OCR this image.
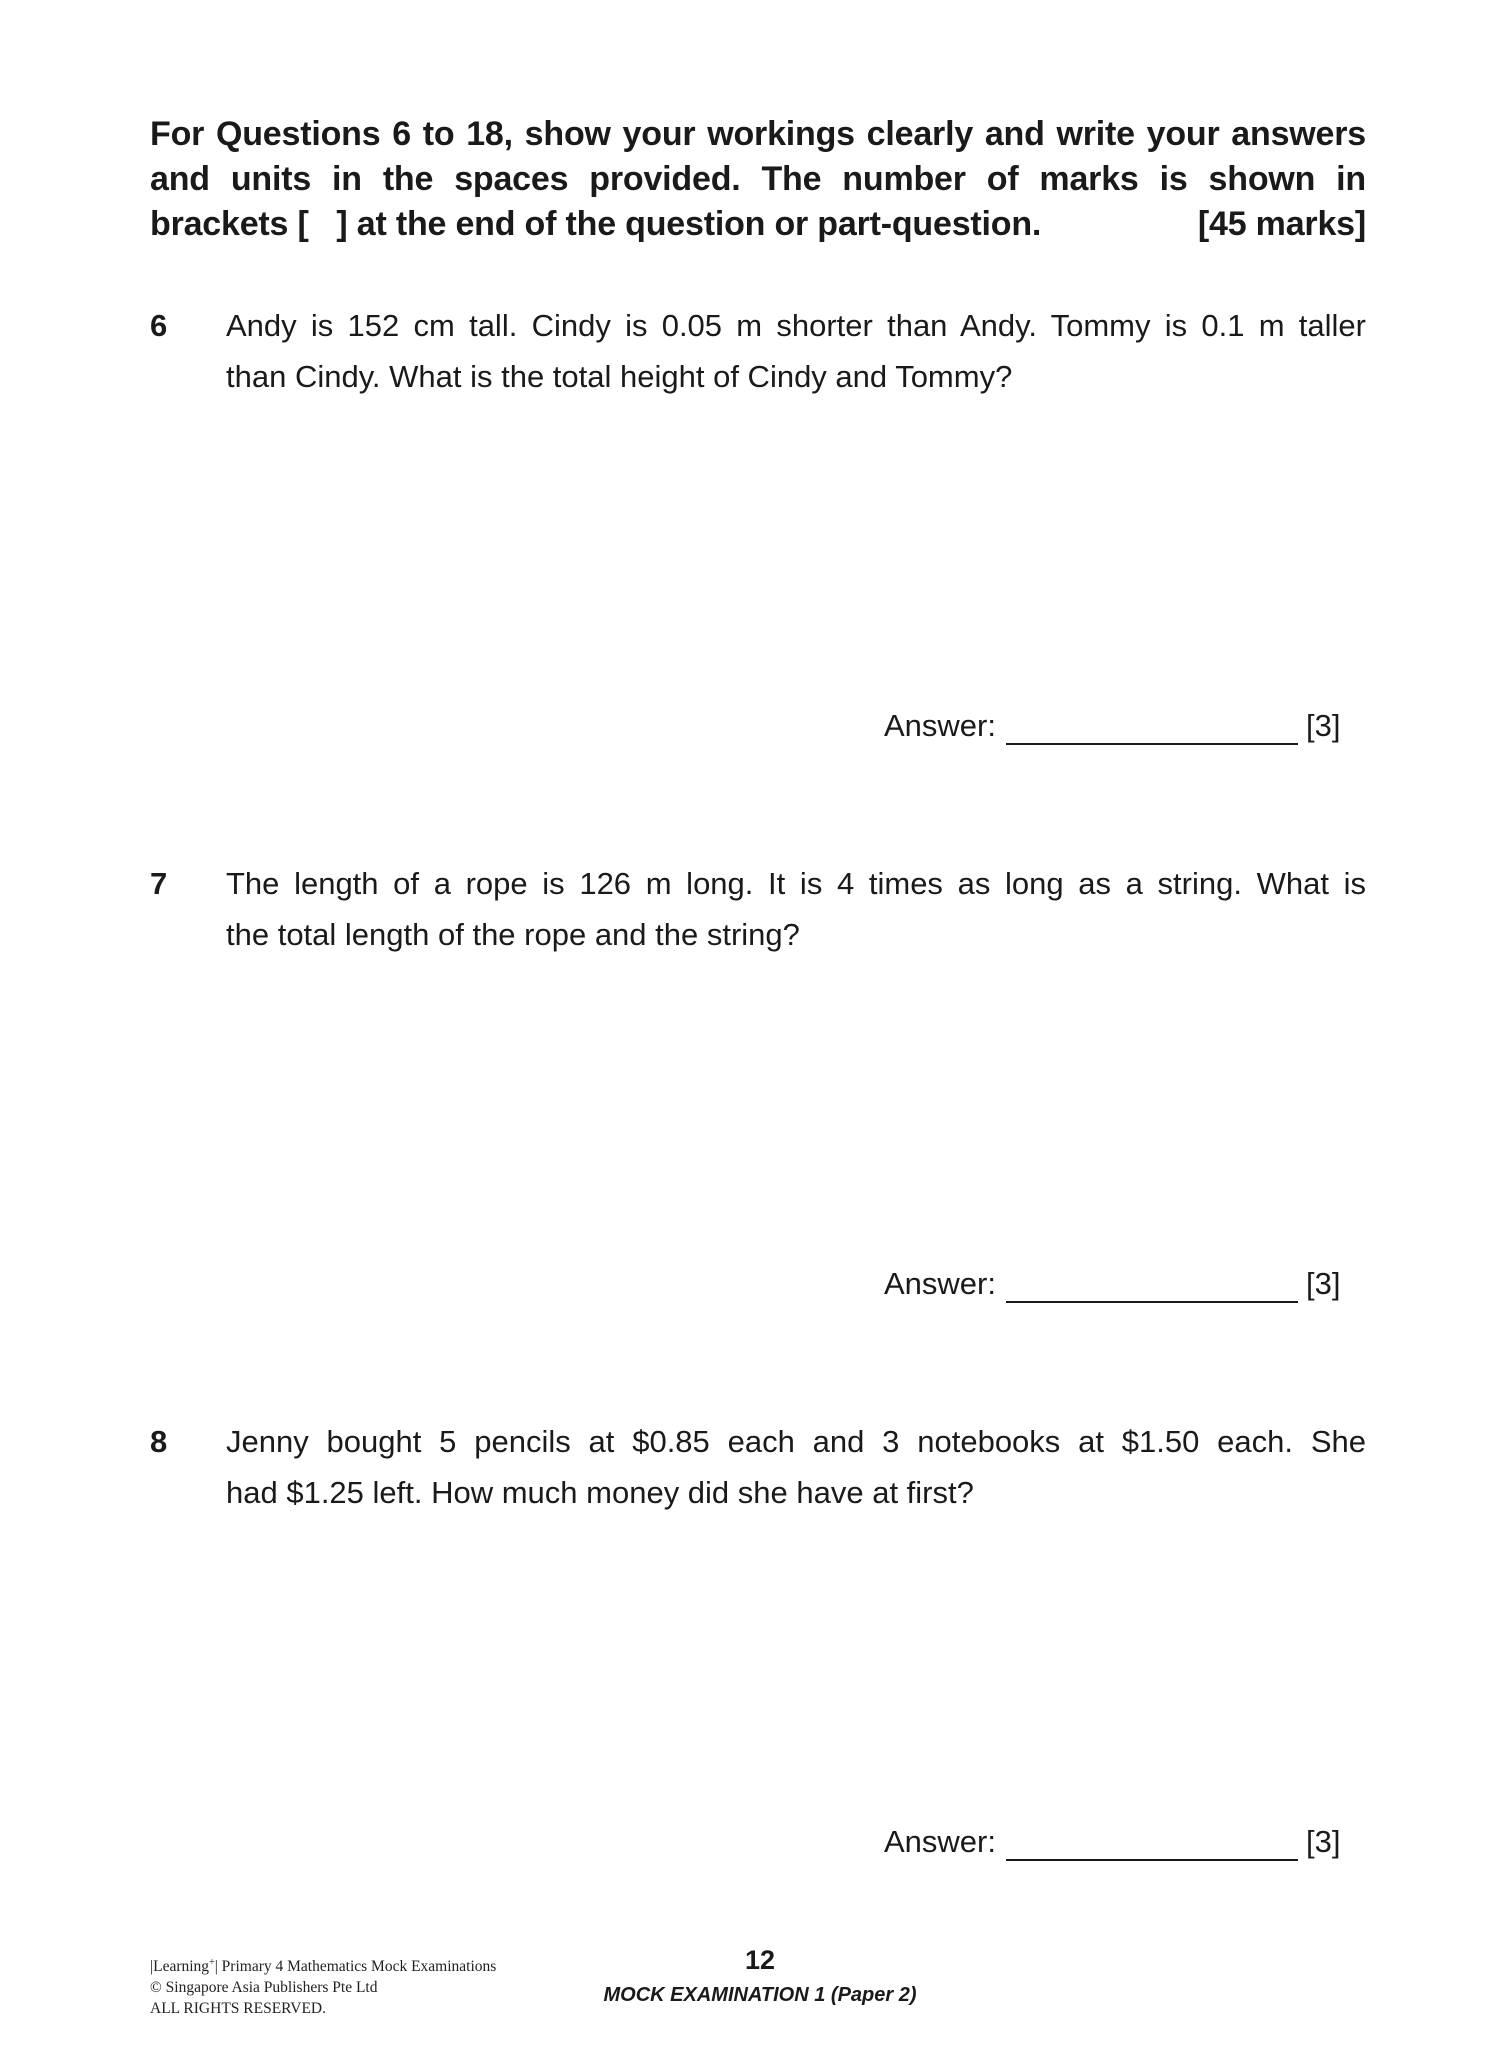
For Questions 6 to 18, show your workings clearly and write your answers
and units in the spaces provided. The number of marks is shown in
brackets [   ] at the end of the question or part-question.	[45 marks]
6 Andy is 152 cm tall. Cindy is 0.05 m shorter than Andy. Tommy is 0.1 m taller
than Cindy. What is the total height of Cindy and Tommy?
Answer:	[3]
7 The length of a rope is 126 m long. It is 4 times as long as a string. What is
the total length of the rope and the string?
Answer:	[3]
8 Jenny bought 5 pencils at $0.85 each and 3 notebooks at $1.50 each. She
had $1.25 left. How much money did she have at first?
Answer:	[3]
|Learning+| Primary 4 Mathematics Mock Examinations
© Singapore Asia Publishers Pte Ltd
ALL RIGHTS RESERVED.
12
MOCK EXAMINATION 1 (Paper 2)
